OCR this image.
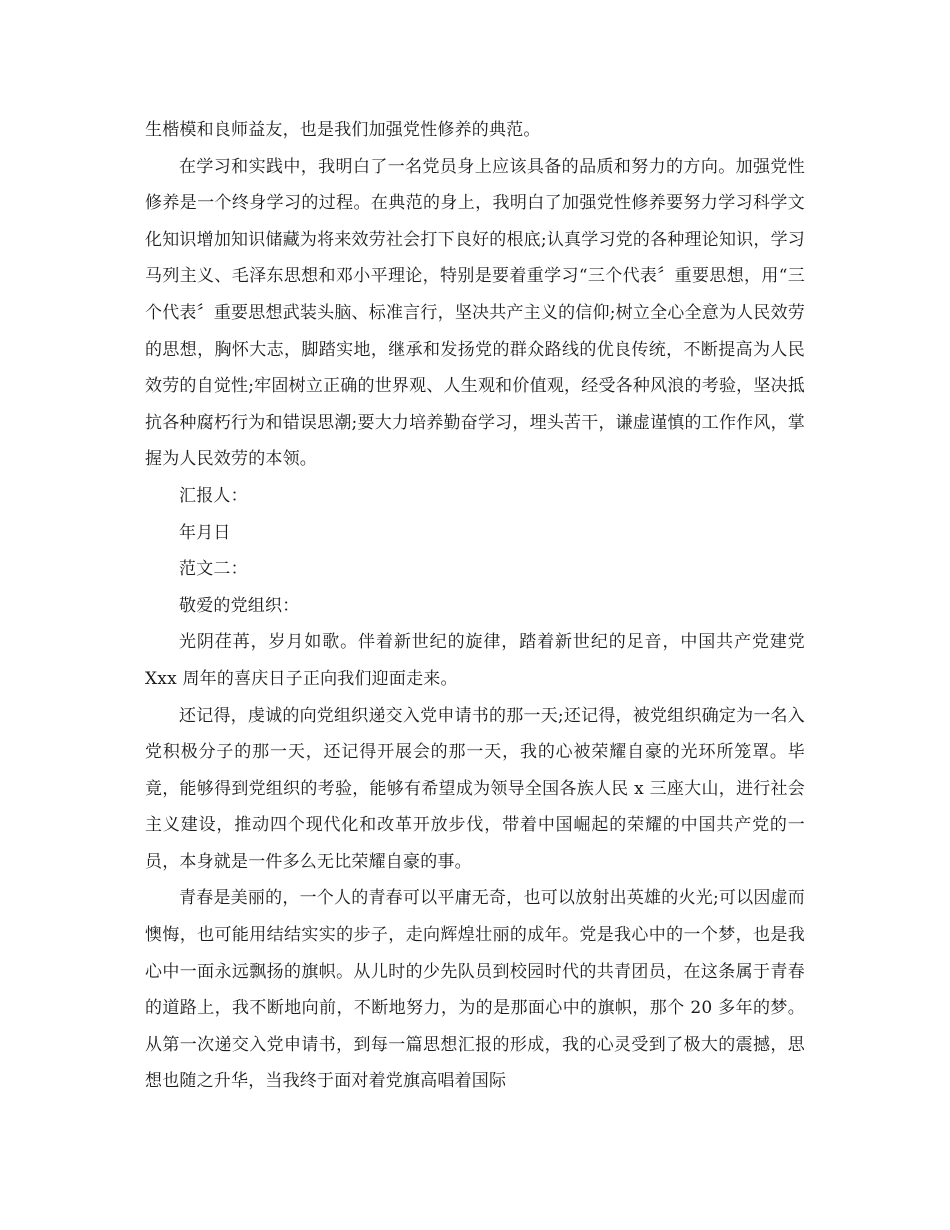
生楷模和良师益友，也是我们加强党性修养的典范。

在学习和实践中，我明白了一名党员身上应该具备的品质和努力的方向。加强党性修养是一个终身学习的过程。在典范的身上，我明白了加强党性修养要努力学习科学文化知识增加知识储藏为将来效劳社会打下良好的根底;认真学习党的各种理论知识，学习马列主义、毛泽东思想和邓小平理论，特别是要着重学习“三个代表〞重要思想，用“三个代表〞重要思想武装头脑、标准言行，坚决共产主义的信仰;树立全心全意为人民效劳的思想，胸怀大志，脚踏实地，继承和发扬党的群众路线的优良传统，不断提高为人民效劳的自觉性;牢固树立正确的世界观、人生观和价值观，经受各种风浪的考验，坚决抵抗各种腐朽行为和错误思潮;要大力培养勤奋学习，埋头苦干，谦虚谨慎的工作作风，掌握为人民效劳的本领。

汇报人：

年月日

范文二：

敬爱的党组织：

光阴荏苒，岁月如歌。伴着新世纪的旋律，踏着新世纪的足音，中国共产党建党 Xxx 周年的喜庆日子正向我们迎面走来。

还记得，虔诚的向党组织递交入党申请书的那一天;还记得，被党组织确定为一名入党积极分子的那一天，还记得开展会的那一天，我的心被荣耀自豪的光环所笼罩。毕竟，能够得到党组织的考验，能够有希望成为领导全国各族人民 x 三座大山，进行社会主义建设，推动四个现代化和改革开放步伐，带着中国崛起的荣耀的中国共产党的一员，本身就是一件多么无比荣耀自豪的事。

青春是美丽的，一个人的青春可以平庸无奇，也可以放射出英雄的火光;可以因虚而懊悔，也可能用结结实实的步子，走向辉煌壮丽的成年。党是我心中的一个梦，也是我心中一面永远飘扬的旗帜。从儿时的少先队员到校园时代的共青团员，在这条属于青春的道路上，我不断地向前，不断地努力，为的是那面心中的旗帜，那个 20 多年的梦。从第一次递交入党申请书，到每一篇思想汇报的形成，我的心灵受到了极大的震撼，思想也随之升华，当我终于面对着党旗高唱着国际
